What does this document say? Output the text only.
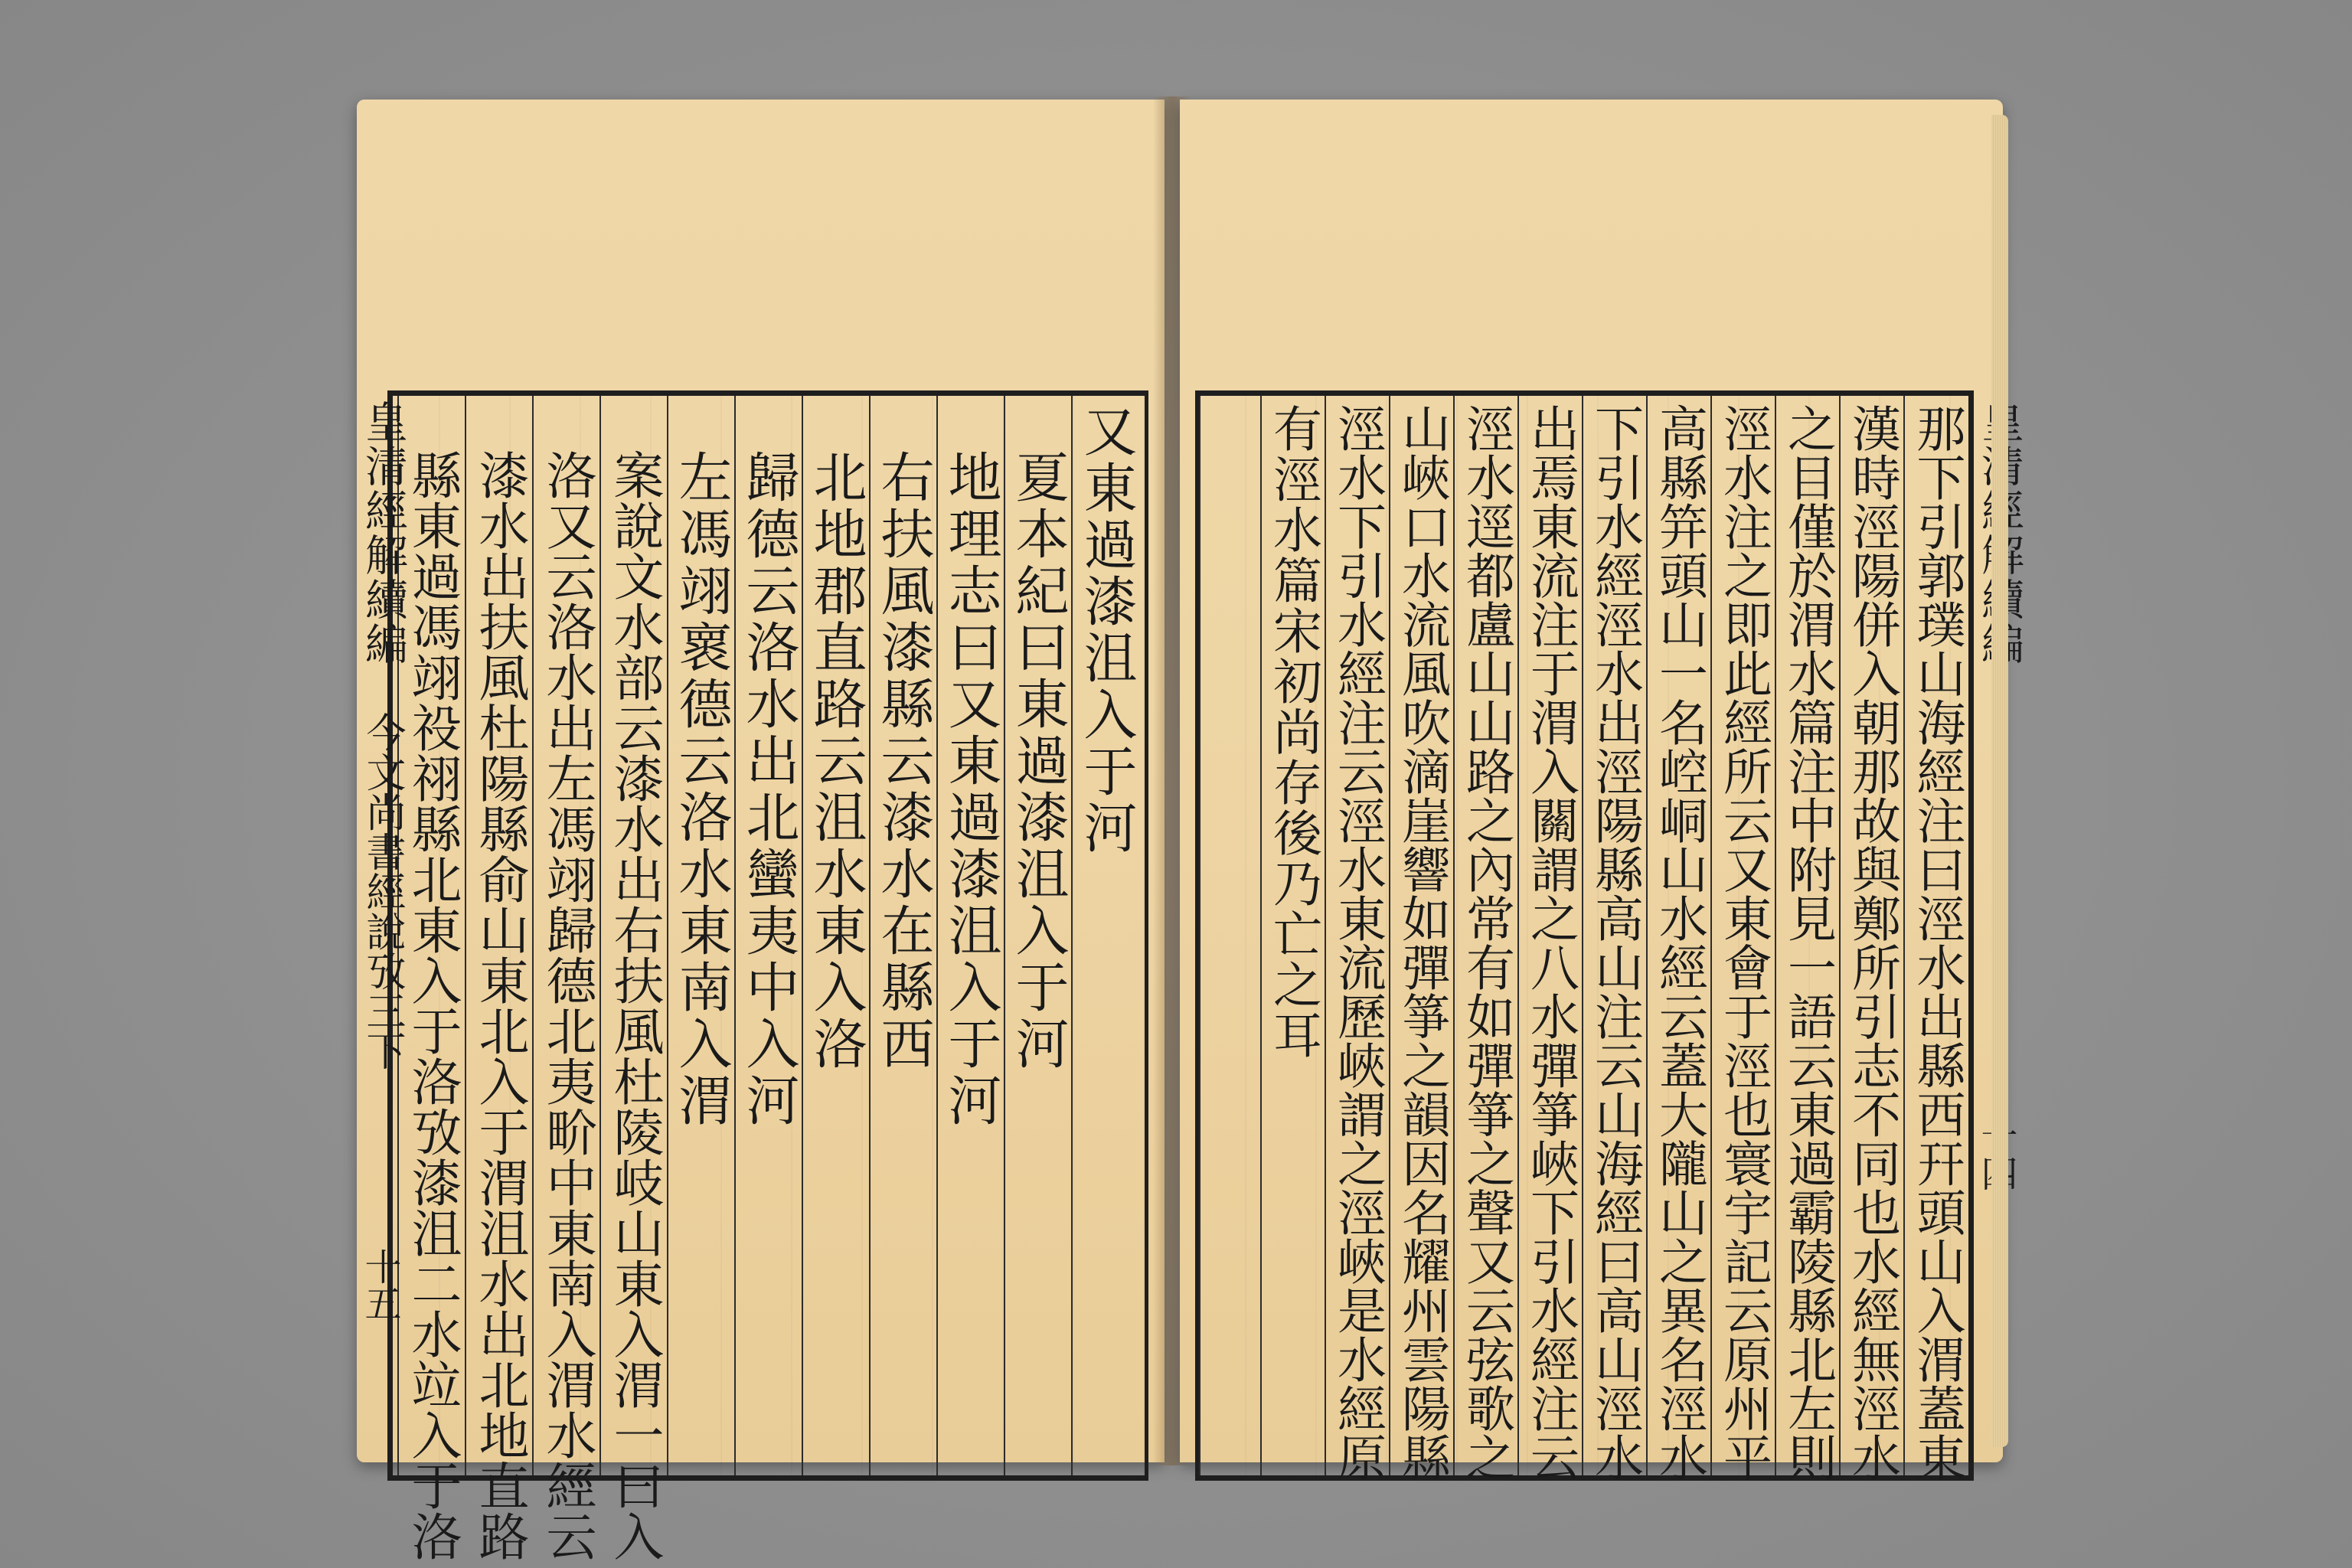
又東過漆沮入于河
夏本紀曰東過漆沮入于河
地理志曰又東過漆沮入于河
右扶風漆縣云漆水在縣西
北地郡直路云沮水東入洛
歸德云洛水出北蠻夷中入河
左馮翊褱德云洛水東南入渭
案說文水部云漆水出右扶風杜陵岐山東入渭一曰入
洛又云洛水出左馮翊歸德北夷畍中東南入渭水經云
漆水出扶風杜陽縣俞山東北入于渭沮水出北地直路
縣東過馮翊祋祤縣北東入于洛攷漆沮二水竝入于洛
皇清經解續編
今文尚書經說攷三下
十五	那下引郭璞山海經注曰涇水出縣西幵頭山入渭蓋東
漢時涇陽併入朝那故與鄭所引志不同也水經無涇水
之目僅於渭水篇注中附見一語云東過霸陵縣北左則
涇水注之即此經所云又東會于涇也寰宇記云原州平
高縣笄頭山一名崆峒山水經云蓋大隴山之異名涇水
下引水經涇水出涇陽縣高山注云山海經曰高山涇水
出焉東流注于渭入關謂之八水彈箏峽下引水經注云
涇水逕都盧山山路之內常有如彈箏之聲又云弦歌之
山峽口水流風吹滴崖響如彈箏之韻因名耀州雲陽縣
涇水下引水經注云涇水東流歷峽謂之涇峽是水經原
有涇水篇宋初尚存後乃亡之耳
